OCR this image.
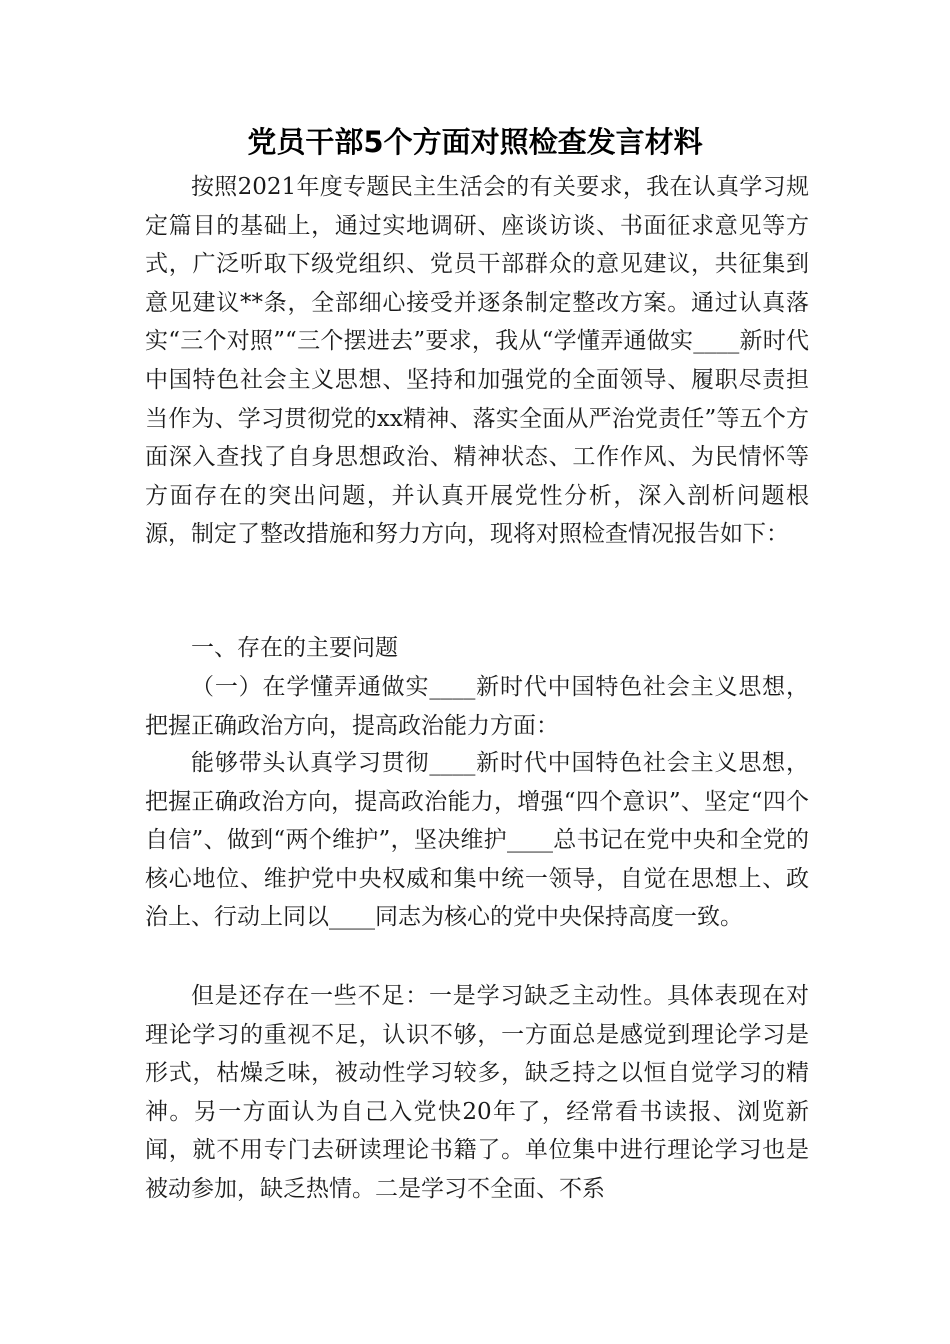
党员干部5个方面对照检查发言材料

按照2021年度专题民主生活会的有关要求，我在认真学习规定篇目的基础上，通过实地调研、座谈访谈、书面征求意见等方式，广泛听取下级党组织、党员干部群众的意见建议，共征集到意见建议**条，全部细心接受并逐条制定整改方案。通过认真落实“三个对照”“三个摆进去”要求，我从“学懂弄通做实____新时代中国特色社会主义思想、坚持和加强党的全面领导、履职尽责担当作为、学习贯彻党的xx精神、落实全面从严治党责任”等五个方面深入查找了自身思想政治、精神状态、工作作风、为民情怀等方面存在的突出问题，并认真开展党性分析，深入剖析问题根源，制定了整改措施和努力方向，现将对照检查情况报告如下：

一、存在的主要问题

（一）在学懂弄通做实____新时代中国特色社会主义思想，把握正确政治方向，提高政治能力方面：

能够带头认真学习贯彻____新时代中国特色社会主义思想，把握正确政治方向，提高政治能力，增强“四个意识”、坚定“四个自信”、做到“两个维护”，坚决维护____总书记在党中央和全党的核心地位、维护党中央权威和集中统一领导，自觉在思想上、政治上、行动上同以____同志为核心的党中央保持高度一致。

但是还存在一些不足：一是学习缺乏主动性。具体表现在对理论学习的重视不足，认识不够，一方面总是感觉到理论学习是形式，枯燥乏味，被动性学习较多，缺乏持之以恒自觉学习的精神。另一方面认为自己入党快20年了，经常看书读报、浏览新闻，就不用专门去研读理论书籍了。单位集中进行理论学习也是被动参加，缺乏热情。二是学习不全面、不系
